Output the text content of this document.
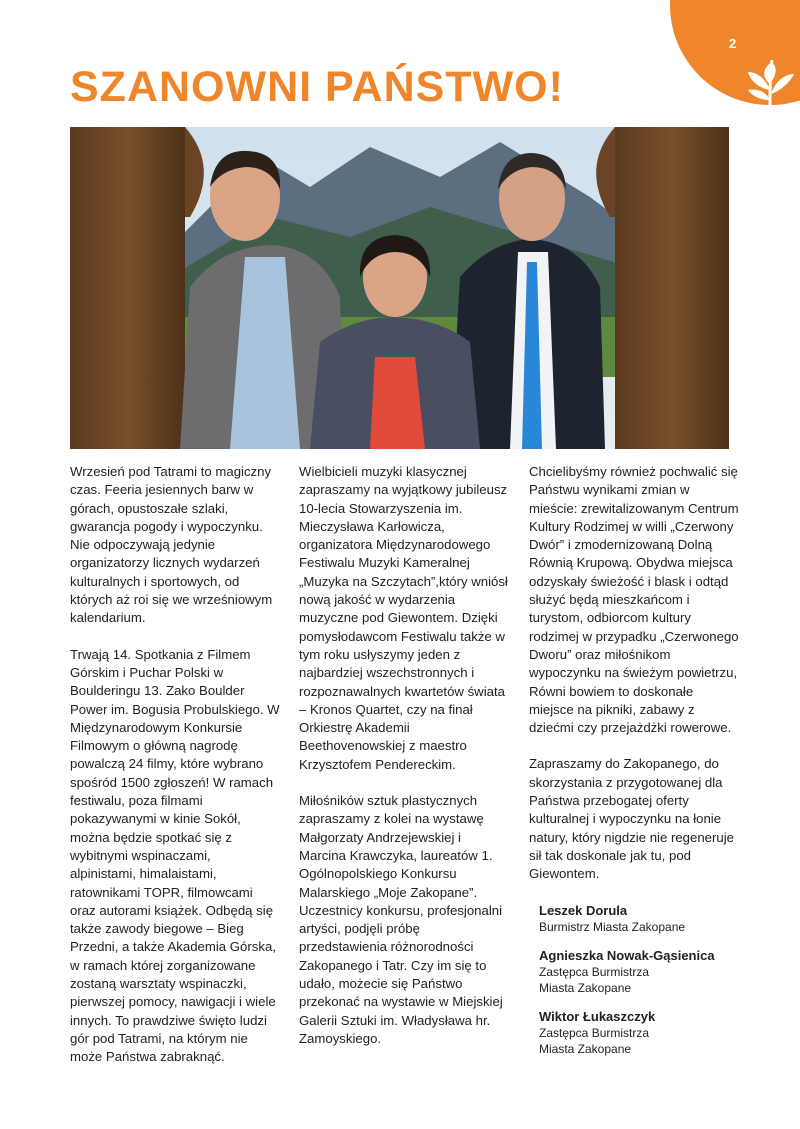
2
SZANOWNI PAŃSTWO!

Wrzesień pod Tatrami to magiczny czas. Feeria jesiennych barw w górach, opustoszałe szlaki, gwarancja pogody i wypoczynku. Nie odpoczywają jedynie organizatorzy licznych wydarzeń kulturalnych i sportowych, od których aż roi się we wrześniowym kalendarium.

Trwają 14. Spotkania z Filmem Górskim i Puchar Polski w Boulderingu 13. Zako Boulder Power im. Bogusia Probulskiego. W Międzynarodowym Konkursie Filmowym o główną nagrodę powalczą 24 filmy, które wybrano spośród 1500 zgłoszeń! W ramach festiwalu, poza filmami pokazywanymi w kinie Sokół, można będzie spotkać się z wybitnymi wspinaczami, alpinistami, himalaistami, ratownikami TOPR, filmowcami oraz autorami książek. Odbędą się także zawody biegowe – Bieg Przedni, a także Akademia Górska, w ramach której zorganizowane zostaną warsztaty wspinaczki, pierwszej pomocy, nawigacji i wiele innych. To prawdziwe święto ludzi gór pod Tatrami, na którym nie może Państwa zabraknąć.

Wielbicieli muzyki klasycznej zapraszamy na wyjątkowy jubileusz 10-lecia Stowarzyszenia im. Mieczysława Karłowicza, organizatora Międzynarodowego Festiwalu Muzyki Kameralnej „Muzyka na Szczytach”,który wniósł nową jakość w wydarzenia muzyczne pod Giewontem. Dzięki pomysłodawcom Festiwalu także w tym roku usłyszymy jeden z najbardziej wszechstronnych i rozpoznawalnych kwartetów świata – Kronos Quartet, czy na finał Orkiestrę Akademii Beethovenowskiej z maestro Krzysztofem Pendereckim.

Miłośników sztuk plastycznych zapraszamy z kolei na wystawę Małgorzaty Andrzejewskiej i Marcina Krawczyka, laureatów 1. Ogólnopolskiego Konkursu Malarskiego „Moje Zakopane”. Uczestnicy konkursu, profesjonalni artyści, podjęli próbę przedstawienia różnorodności Zakopanego i Tatr. Czy im się to udało, możecie się Państwo przekonać na wystawie w Miejskiej Galerii Sztuki im. Władysława hr. Zamoyskiego.

Chcielibyśmy również pochwalić się Państwu wynikami zmian w mieście: zrewitalizowanym Centrum Kultury Rodzimej w willi „Czerwony Dwór” i zmodernizowaną Dolną Równią Krupową. Obydwa miejsca odzyskały świeżość i blask i odtąd służyć będą mieszkańcom i turystom, odbiorcom kultury rodzimej w przypadku „Czerwonego Dworu” oraz miłośnikom wypoczynku na świeżym powietrzu, Równi bowiem to doskonałe miejsce na pikniki, zabawy z dziećmi czy przejażdżki rowerowe.

Zapraszamy do Zakopanego, do skorzystania z przygotowanej dla Państwa przebogatej oferty kulturalnej i wypoczynku na łonie natury, który nigdzie nie regeneruje sił tak doskonale jak tu, pod Giewontem.

Leszek Dorula
Burmistrz Miasta Zakopane
Agnieszka Nowak-Gąsienica
Zastępca Burmistrza
Miasta Zakopane
Wiktor Łukaszczyk
Zastępca Burmistrza
Miasta Zakopane
